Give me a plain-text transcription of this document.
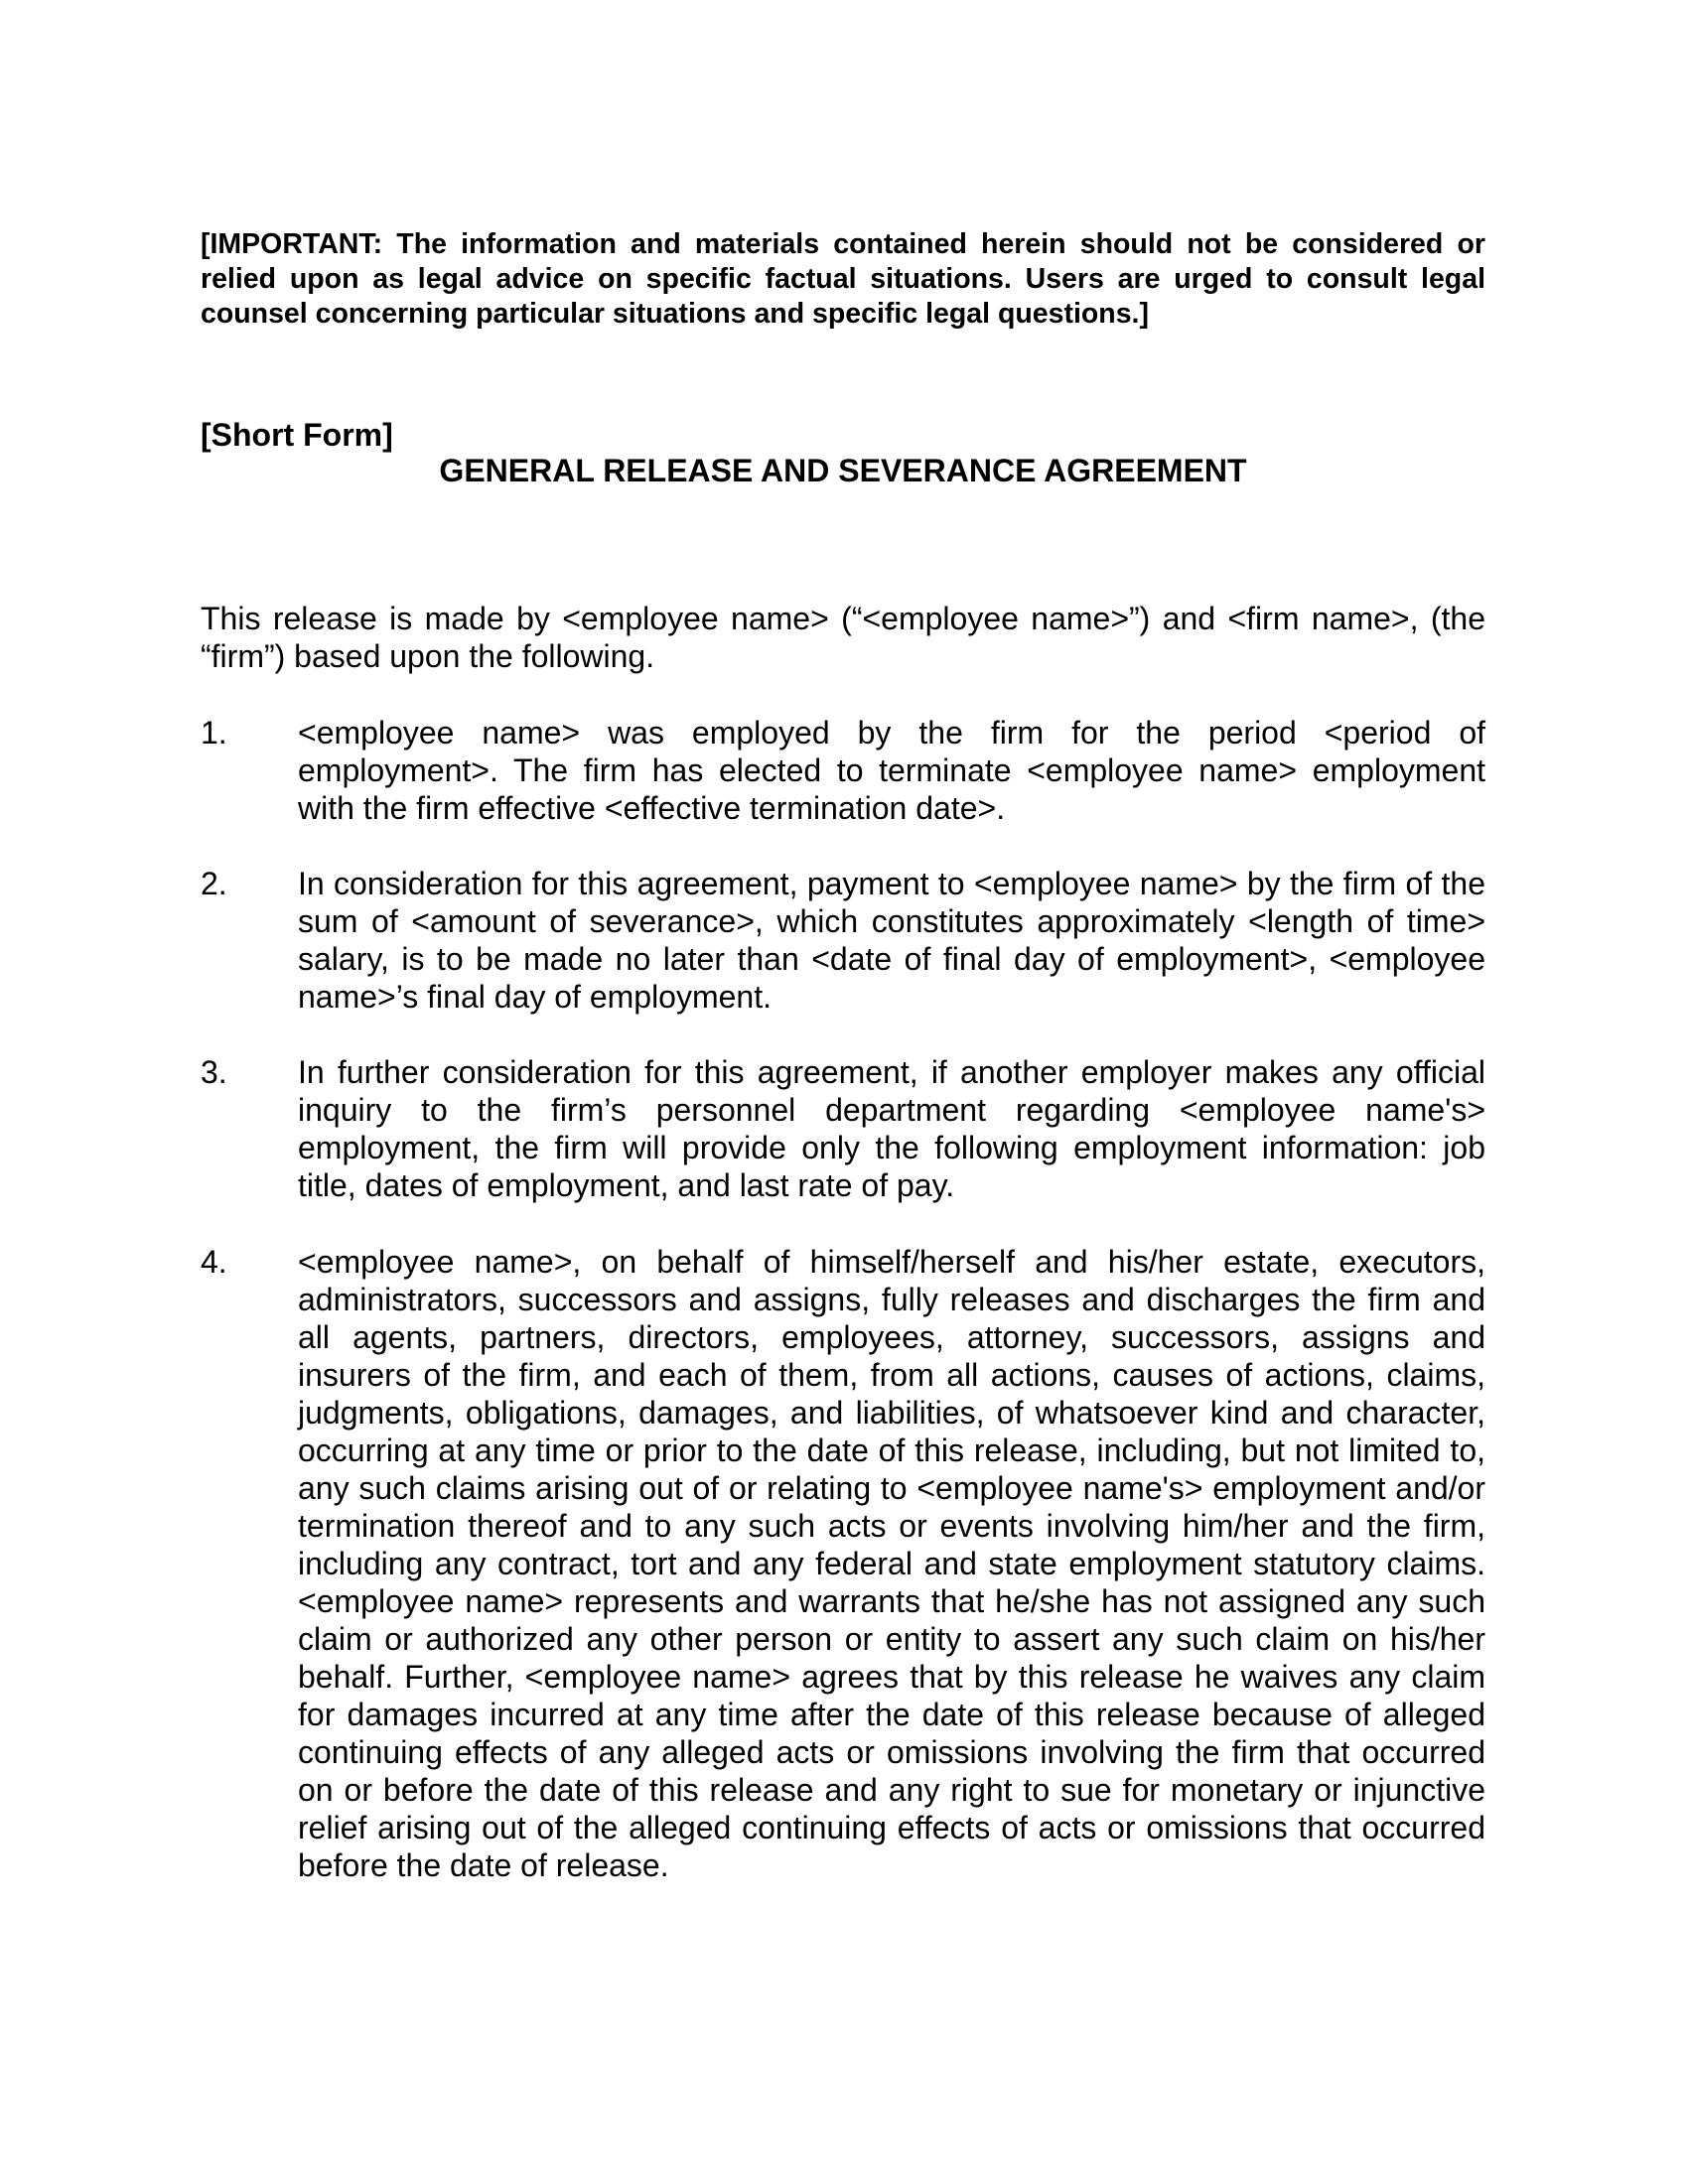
[IMPORTANT: The information and materials contained herein should not be considered or relied upon as legal advice on specific factual situations. Users are urged to consult legal counsel concerning particular situations and specific legal questions.]

[Short Form]

GENERAL RELEASE AND SEVERANCE AGREEMENT

This release is made by <employee name> (“<employee name>”) and <firm name>, (the “firm”) based upon the following.

1.	<employee name> was employed by the firm for the period <period of employment>. The firm has elected to terminate <employee name> employment with the firm effective <effective termination date>.

2.	In consideration for this agreement, payment to <employee name> by the firm of the sum of <amount of severance>, which constitutes approximately <length of time> salary, is to be made no later than <date of final day of employment>, <employee name>’s final day of employment.

3.	In further consideration for this agreement, if another employer makes any official inquiry to the firm’s personnel department regarding <employee name's> employment, the firm will provide only the following employment information: job title, dates of employment, and last rate of pay.

4.	<employee name>, on behalf of himself/herself and his/her estate, executors, administrators, successors and assigns, fully releases and discharges the firm and all agents, partners, directors, employees, attorney, successors, assigns and insurers of the firm, and each of them, from all actions, causes of actions, claims, judgments, obligations, damages, and liabilities, of whatsoever kind and character, occurring at any time or prior to the date of this release, including, but not limited to, any such claims arising out of or relating to <employee name's> employment and/or termination thereof and to any such acts or events involving him/her and the firm, including any contract, tort and any federal and state employment statutory claims. <employee name> represents and warrants that he/she has not assigned any such claim or authorized any other person or entity to assert any such claim on his/her behalf. Further, <employee name> agrees that by this release he waives any claim for damages incurred at any time after the date of this release because of alleged continuing effects of any alleged acts or omissions involving the firm that occurred on or before the date of this release and any right to sue for monetary or injunctive relief arising out of the alleged continuing effects of acts or omissions that occurred before the date of release.
